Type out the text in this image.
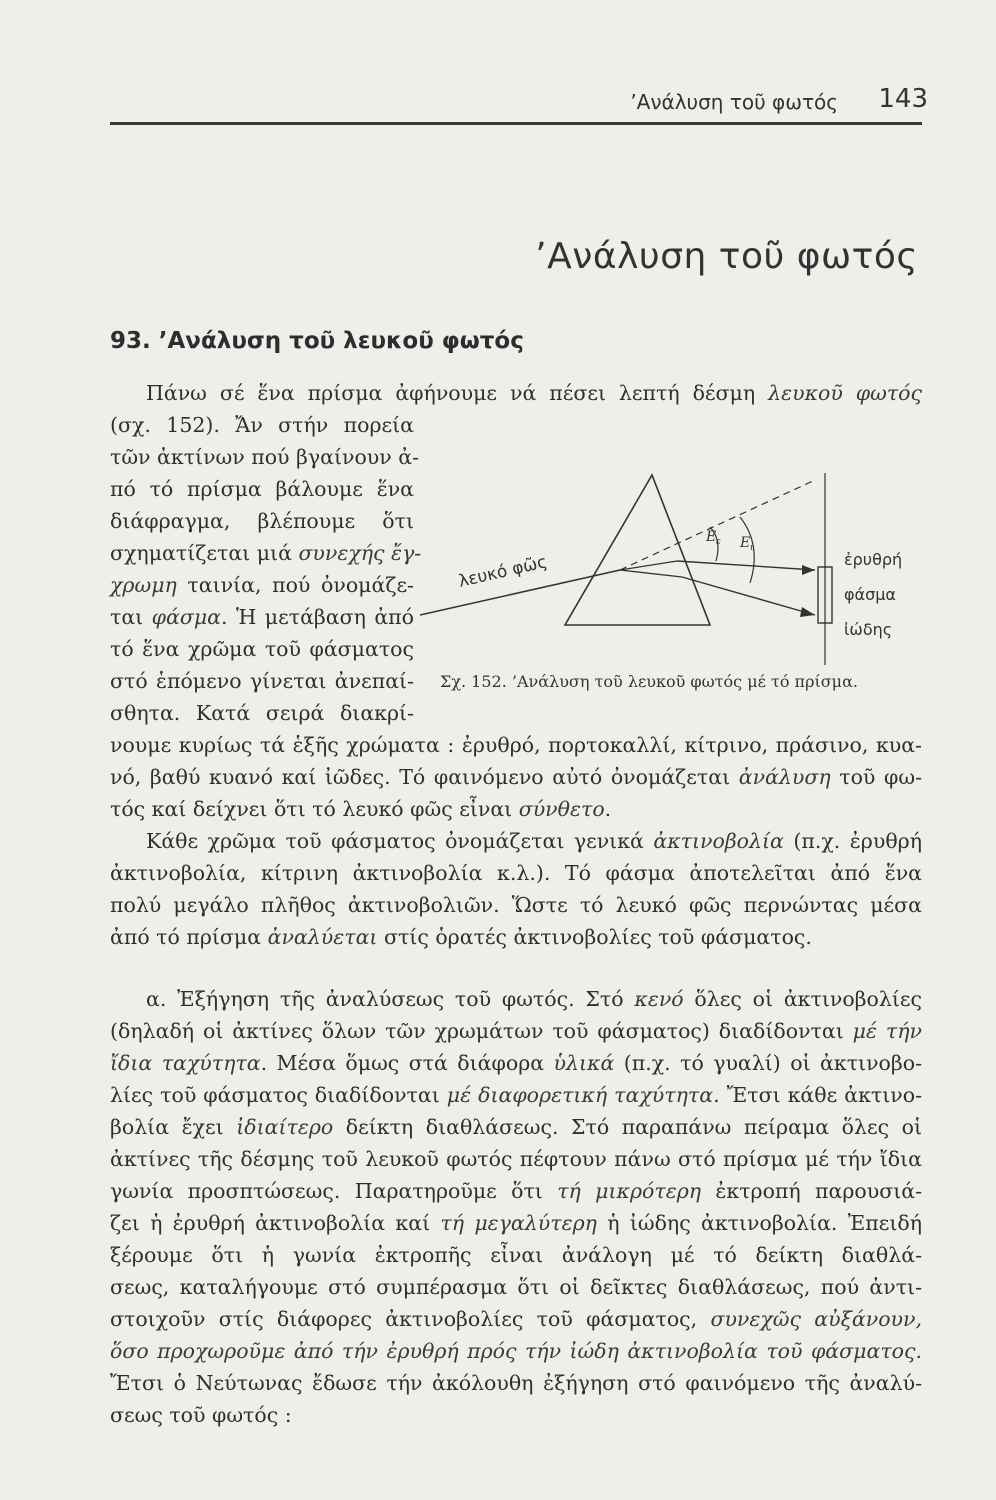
’Ανάλυση τοῦ φωτός 143
’Ανάλυση τοῦ φωτός
93. ’Ανάλυση τοῦ λευκοῦ φωτός
Πάνω σέ ἕνα πρίσμα ἀφήνουμε νά πέσει λεπτή δέσμη λευκοῦ φωτός
(σχ. 152). Ἄν στήν πορεία
τῶν ἀκτίνων πού βγαίνουν ἀ-
πό τό πρίσμα βάλουμε ἕνα
διάφραγμα, βλέπουμε ὅτι
σχηματίζεται μιά συνεχής ἔγ-
χρωμη ταινία, πού ὀνομάζε-
ται φάσμα. Ἡ μετάβαση ἀπό
τό ἕνα χρῶμα τοῦ φάσματος
στό ἑπόμενο γίνεται ἀνεπαί-
σθητα. Κατά σειρά διακρί-
λευκό φῶς
Ε ε Ε ι
ἐρυθρή
φάσμα
ἰώδης
Σχ. 152. ’Ανάλυση τοῦ λευκοῦ φωτός μέ τό πρίσμα.
νουμε κυρίως τά ἑξῆς χρώματα : ἐρυθρό, πορτοκαλλί, κίτρινο, πράσινο, κυα-
νό, βαθύ κυανό καί ἰῶδες. Τό φαινόμενο αὐτό ὀνομάζεται ἀνάλυση τοῦ φω-
τός καί δείχνει ὅτι τό λευκό φῶς εἶναι σύνθετο.
Κάθε χρῶμα τοῦ φάσματος ὀνομάζεται γενικά ἀκτινοβολία (π.χ. ἐρυθρή
ἀκτινοβολία, κίτρινη ἀκτινοβολία κ.λ.). Τό φάσμα ἀποτελεῖται ἀπό ἕνα
πολύ μεγάλο πλῆθος ἀκτινοβολιῶν. Ὥστε τό λευκό φῶς περνώντας μέσα
ἀπό τό πρίσμα ἀναλύεται στίς ὁρατές ἀκτινοβολίες τοῦ φάσματος.
α. Ἐξήγηση τῆς ἀναλύσεως τοῦ φωτός. Στό κενό ὅλες οἱ ἀκτινοβολίες
(δηλαδή οἱ ἀκτίνες ὅλων τῶν χρωμάτων τοῦ φάσματος) διαδίδονται μέ τήν
ἴδια ταχύτητα. Μέσα ὅμως στά διάφορα ὑλικά (π.χ. τό γυαλί) οἱ ἀκτινοβο-
λίες τοῦ φάσματος διαδίδονται μέ διαφορετική ταχύτητα. Ἔτσι κάθε ἀκτινο-
βολία ἔχει ἰδιαίτερο δείκτη διαθλάσεως. Στό παραπάνω πείραμα ὅλες οἱ
ἀκτίνες τῆς δέσμης τοῦ λευκοῦ φωτός πέφτουν πάνω στό πρίσμα μέ τήν ἴδια
γωνία προσπτώσεως. Παρατηροῦμε ὅτι τή μικρότερη ἐκτροπή παρουσιά-
ζει ἡ ἐρυθρή ἀκτινοβολία καί τή μεγαλύτερη ἡ ἰώδης ἀκτινοβολία. Ἐπειδή
ξέρουμε ὅτι ἡ γωνία ἐκτροπῆς εἶναι ἀνάλογη μέ τό δείκτη διαθλά-
σεως, καταλήγουμε στό συμπέρασμα ὅτι οἱ δεῖκτες διαθλάσεως, πού ἀντι-
στοιχοῦν στίς διάφορες ἀκτινοβολίες τοῦ φάσματος, συνεχῶς αὐξάνουν,
ὅσο προχωροῦμε ἀπό τήν ἐρυθρή πρός τήν ἰώδη ἀκτινοβολία τοῦ φάσματος.
Ἔτσι ὁ Νεύτωνας ἔδωσε τήν ἀκόλουθη ἐξήγηση στό φαινόμενο τῆς ἀναλύ-
σεως τοῦ φωτός :
